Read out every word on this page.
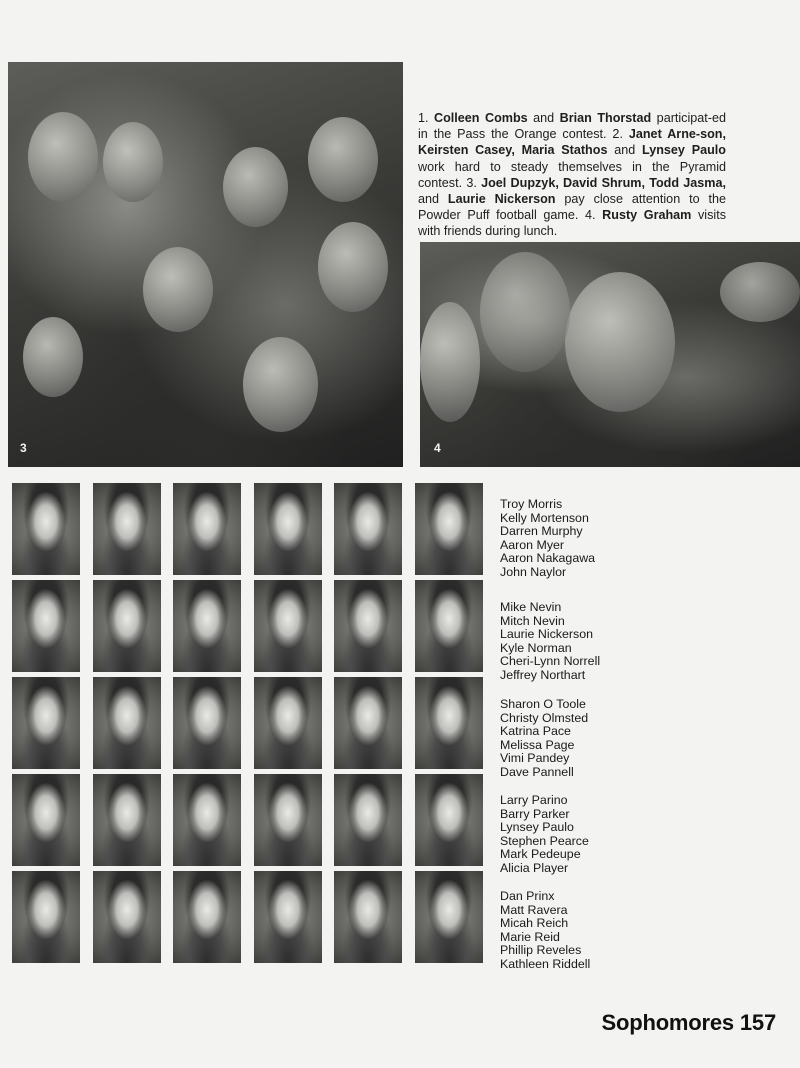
3
1. Colleen Combs and Brian Thorstad participat-ed in the Pass the Orange contest. 2. Janet Arne-son, Keirsten Casey, Maria Stathos and Lynsey Paulo work hard to steady themselves in the Pyramid contest. 3. Joel Dupzyk, David Shrum, Todd Jasma, and Laurie Nickerson pay close attention to the Powder Puff football game. 4. Rusty Graham visits with friends during lunch.
4
Troy Morris
Kelly Mortenson
Darren Murphy
Aaron Myer
Aaron Nakagawa
John Naylor
Mike Nevin
Mitch Nevin
Laurie Nickerson
Kyle Norman
Cheri-Lynn Norrell
Jeffrey Northart
Sharon O Toole
Christy Olmsted
Katrina Pace
Melissa Page
Vimi Pandey
Dave Pannell
Larry Parino
Barry Parker
Lynsey Paulo
Stephen Pearce
Mark Pedeupe
Alicia Player
Dan Prinx
Matt Ravera
Micah Reich
Marie Reid
Phillip Reveles
Kathleen Riddell
Sophomores 157
